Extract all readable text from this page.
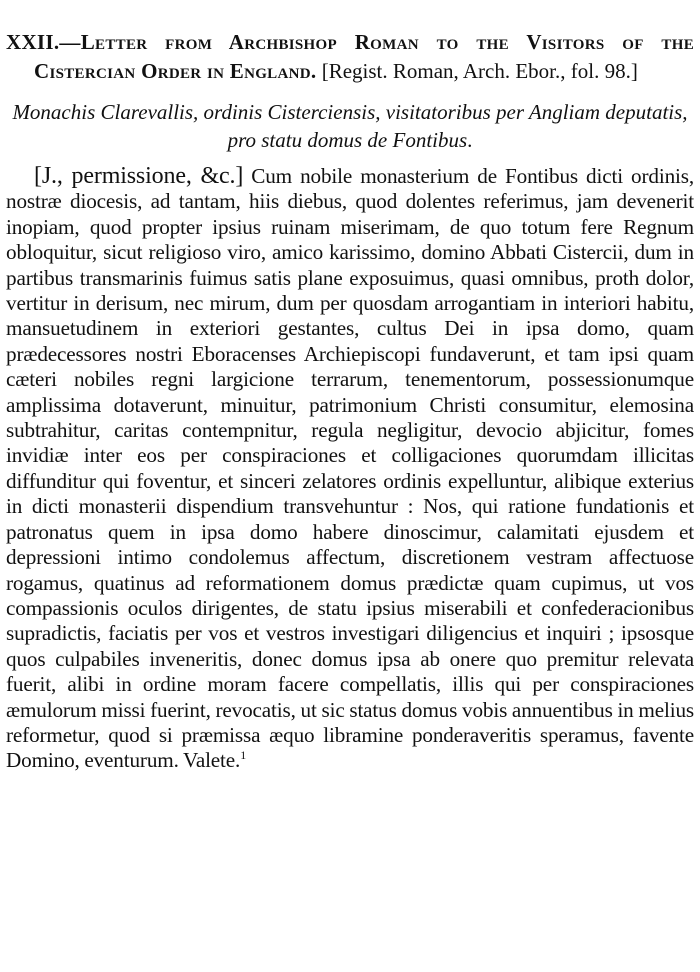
XXII.—Letter from Archbishop Roman to the Visitors of the Cistercian Order in England. [Regist. Roman, Arch. Ebor., fol. 98.]

Monachis Clarevallis, ordinis Cisterciensis, visitatoribus per Angliam deputatis, pro statu domus de Fontibus.

[J., permissione, &c.] Cum nobile monasterium de Fontibus dicti ordinis, nostræ diocesis, ad tantam, hiis diebus, quod dolentes referimus, jam devenerit inopiam, quod propter ipsius ruinam miserimam, de quo totum fere Regnum obloquitur, sicut religioso viro, amico karissimo, domino Abbati Cistercii, dum in partibus transmarinis fuimus satis plane exposuimus, quasi omnibus, proth dolor, vertitur in derisum, nec mirum, dum per quosdam arrogantiam in interiori habitu, mansuetudinem in exteriori gestantes, cultus Dei in ipsa domo, quam prædecessores nostri Eboracenses Archiepiscopi fundaverunt, et tam ipsi quam cæteri nobiles regni largicione terrarum, tenementorum, possessionumque amplissima dotaverunt, minuitur, patrimonium Christi consumitur, elemosina subtrahitur, caritas contempnitur, regula negligitur, devocio abjicitur, fomes invidiæ inter eos per conspiraciones et colligaciones quorumdam illicitas diffunditur qui foventur, et sinceri zelatores ordinis expelluntur, alibique exterius in dicti monasterii dispendium transvehuntur : Nos, qui ratione fundationis et patronatus quem in ipsa domo habere dinoscimur, calamitati ejusdem et depressioni intimo condolemus affectum, discretionem vestram affectuose rogamus, quatinus ad reformationem domus prædictæ quam cupimus, ut vos compassionis oculos dirigentes, de statu ipsius miserabili et confederacionibus supradictis, faciatis per vos et vestros investigari diligencius et inquiri ; ipsosque quos culpabiles inveneritis, donec domus ipsa ab onere quo premitur relevata fuerit, alibi in ordine moram facere compellatis, illis qui per conspiraciones æmulorum missi fuerint, revocatis, ut sic status domus vobis annuentibus in melius reformetur, quod si præmissa æquo libramine ponderaveritis speramus, favente Domino, eventurum. Valete.$^1$
